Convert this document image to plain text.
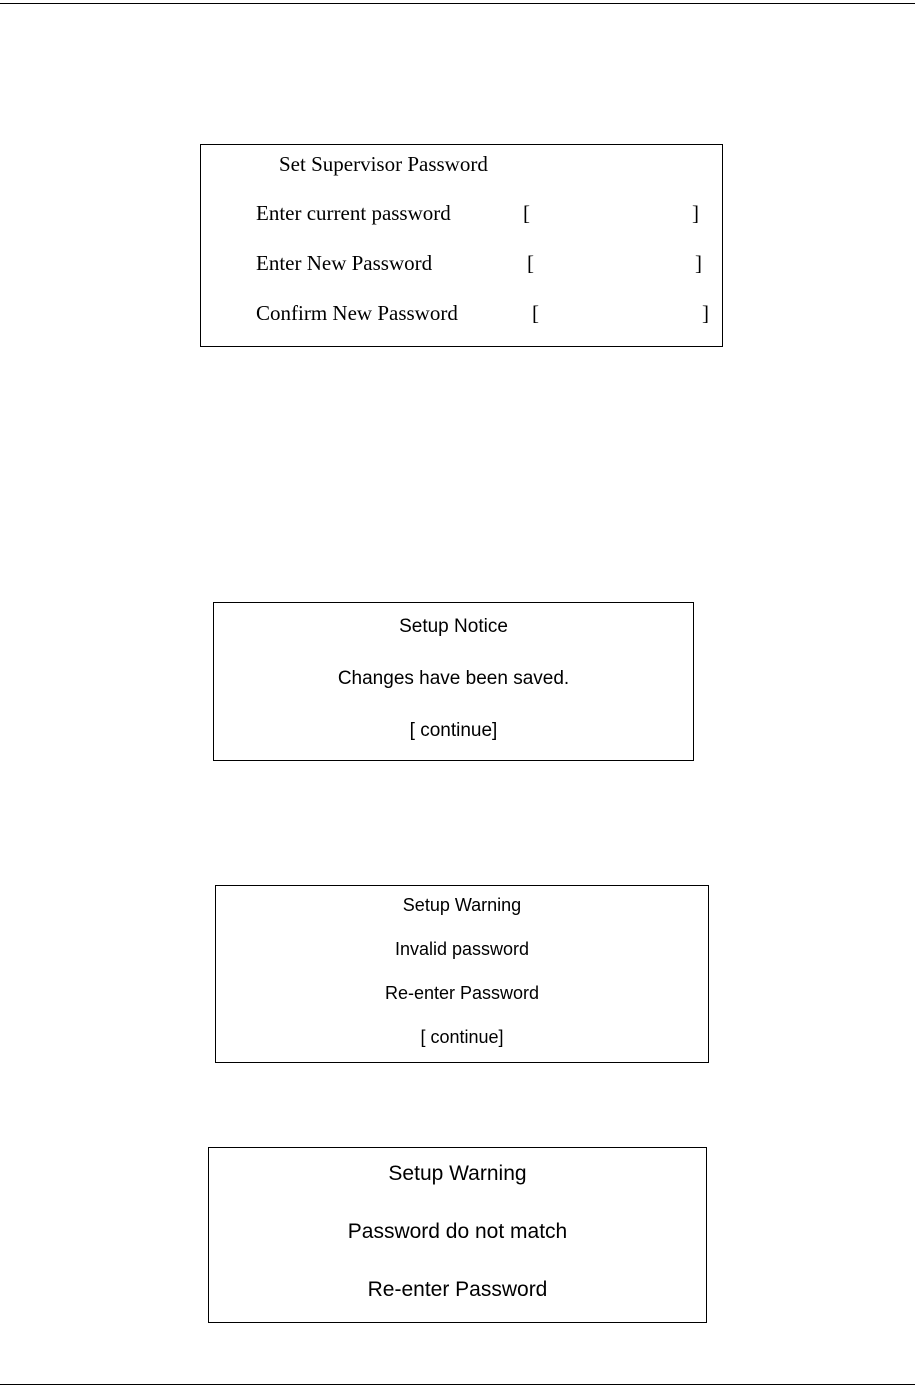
Set Supervisor Password
Enter current password	[	]
Enter New Password	[	]
Confirm New Password	[	]
Setup Notice
Changes have been saved.
[ continue]
Setup Warning
Invalid password
Re-enter Password
[ continue]
Setup Warning
Password do not match
Re-enter Password
